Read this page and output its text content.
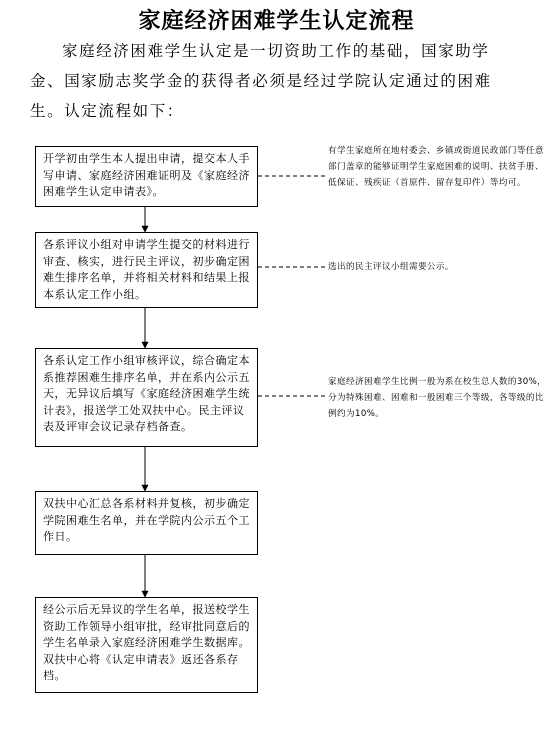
家庭经济困难学生认定流程
家庭经济困难学生认定是一切资助工作的基础，国家助学金、国家励志奖学金的获得者必须是经过学院认定通过的困难生。认定流程如下：
开学初由学生本人提出申请，提交本人手写申请、家庭经济困难证明及《家庭经济困难学生认定申请表》。
各系评议小组对申请学生提交的材料进行审查、核实，进行民主评议，初步确定困难生排序名单，并将相关材料和结果上报本系认定工作小组。
各系认定工作小组审核评议，综合确定本系推荐困难生排序名单，并在系内公示五天，无异议后填写《家庭经济困难学生统计表》，报送学工处双扶中心。民主评议表及评审会议记录存档备查。
双扶中心汇总各系材料并复核，初步确定学院困难生名单，并在学院内公示五个工作日。
经公示后无异议的学生名单，报送校学生资助工作领导小组审批，经审批同意后的学生名单录入家庭经济困难学生数据库。双扶中心将《认定申请表》返还各系存档。
有学生家庭所在地村委会、乡镇或街道民政部门等任意部门盖章的能够证明学生家庭困难的说明、扶贫手册、低保证、残疾证（首原件、留存复印件）等均可。
选出的民主评议小组需要公示。
家庭经济困难学生比例一般为系在校生总人数的30%，分为特殊困难、困难和一般困难三个等级，各等级的比例约为10%。
